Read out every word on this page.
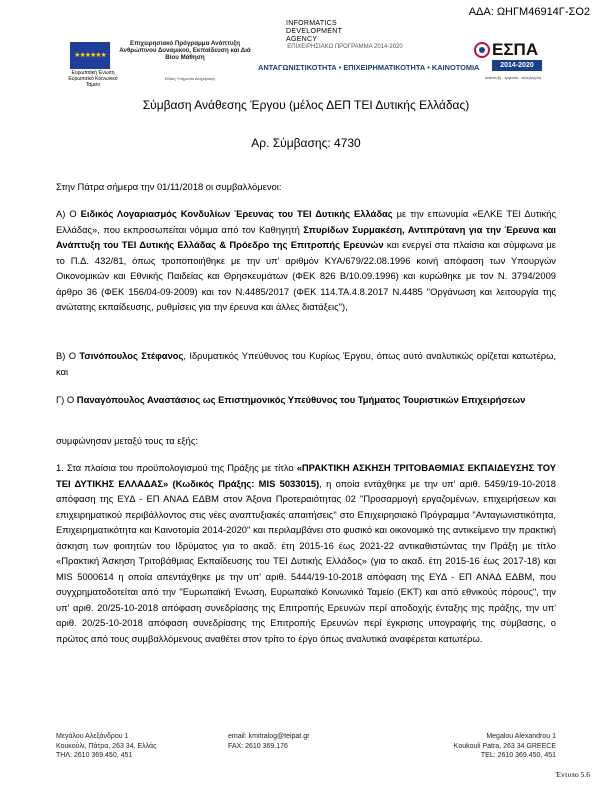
ΑΔΑ: ΩΗΓΜ46914Γ-ΣΟ2
★★★★★★
Ευρωπαϊκή Ένωση
Ευρωπαϊκό Κοινωνικό Ταμείο
Επιχειρησιακό Πρόγραμμα Ανάπτυξη Ανθρώπινου Δυναμικού, Εκπαίδευση και Διά Βίου Μάθηση
Ειδική Υπηρεσία Διαχείρισης
INFORMATICS DEVELOPMENT AGENCY
ΕΠΙΧΕΙΡΗΣΙΑΚΟ ΠΡΟΓΡΑΜΜΑ 2014-2020
ΑΝΤΑΓΩΝΙΣΤΙΚΟΤΗΤΑ • ΕΠΙΧΕΙΡΗΜΑΤΙΚΟΤΗΤΑ • ΚΑΙΝΟΤΟΜΙΑ
ΕΣΠΑ
2014-2020
ανάπτυξη - εργασία - αλληλεγγύη
Σύμβαση Ανάθεσης Έργου (μέλος ΔΕΠ ΤΕΙ Δυτικής Ελλάδας)
Αρ. Σύμβασης: 4730
Στην Πάτρα σήμερα την 01/11/2018 οι συμβαλλόμενοι:
Α) Ο Ειδικός Λογαριασμός Κονδυλίων Έρευνας του ΤΕΙ Δυτικής Ελλάδας με την επωνυμία «ΕΛΚΕ ΤΕΙ Δυτικής Ελλάδας», που εκπροσωπείται νόμιμα από τον Καθηγητή Σπυρίδων Συρμακέση, Αντιπρύτανη για την Έρευνα και Ανάπτυξη του ΤΕΙ Δυτικής Ελλάδας & Πρόεδρο της Επιτροπής Ερευνών και ενεργεί στα πλαίσια και σύμφωνα με το Π.Δ. 432/81, όπως τροποποιήθηκε με την υπ' αριθμόν ΚΥΑ/679/22.08.1996 κοινή απόφαση των Υπουργών Οικονομικών και Εθνικής Παιδείας και Θρησκευμάτων (ΦΕΚ 826 Β/10.09.1996) και κυρώθηκε με τον Ν. 3794/2009 άρθρο 36 (ΦΕΚ 156/04-09-2009) και τον Ν.4485/2017 (ΦΕΚ 114.ΤΑ.4.8.2017 Ν.4485 "Οργάνωση και λειτουργία της ανώτατης εκπαίδευσης, ρυθμίσεις για την έρευνα και άλλες διατάξεις"),
Β) Ο Τσινόπουλος Στέφανος, Ιδρυματικός Υπεύθυνος του Κυρίως Έργου, όπως αυτό αναλυτικώς ορίζεται κατωτέρω, και
Γ) Ο Παναγόπουλος Αναστάσιος ως Επιστημονικός Υπεύθυνος του Τμήματος Τουριστικών Επιχειρήσεων
συμφώνησαν μεταξύ τους τα εξής:
1. Στα πλαίσια του προϋπολογισμού της Πράξης με τίτλο «ΠΡΑΚΤΙΚΗ ΑΣΚΗΣΗ ΤΡΙΤΟΒΑΘΜΙΑΣ ΕΚΠΑΙΔΕΥΣΗΣ ΤΟΥ ΤΕΙ ΔΥΤΙΚΗΣ ΕΛΛΑΔΑΣ» (Κωδικός Πράξης: MIS 5033015), η οποία εντάχθηκε με την υπ' αριθ. 5459/19-10-2018 απόφαση της ΕΥΔ - ΕΠ ΑΝΑΔ ΕΔΒΜ στον Άξονα Προτεραιότητας 02 "Προσαρμογή εργαζομένων, επιχειρήσεων και επιχειρηματικού περιβάλλοντος στις νέες αναπτυξιακές απαιτήσεις" στο Επιχειρησιακό Πρόγραμμα "Ανταγωνιστικότητα, Επιχειρηματικότητα και Καινοτομία 2014-2020" και περιλαμβάνει στο φυσικό και οικονομικό της αντικείμενο την πρακτική άσκηση των φοιτητών του Ιδρύματος για το ακαδ. έτη 2015-16 έως 2021-22 αντικαθιστώντας την Πράξη με τίτλο «Πρακτική Άσκηση Τριτοβάθμιας Εκπαίδευσης του ΤΕΙ Δυτικής Ελλάδος» (για το ακαδ. έτη 2015-16 έως 2017-18) και MIS 5000614 η οποία απεντάχθηκε με την υπ' αριθ. 5444/19-10-2018 απόφαση της ΕΥΔ - ΕΠ ΑΝΑΔ ΕΔΒΜ, που συγχρηματοδοτείται από την "Ευρωπαϊκή Ένωση, Ευρωπαϊκό Κοινωνικό Ταμείο (ΕΚΤ) και από εθνικούς πόρους", την υπ' αριθ. 20/25-10-2018 απόφαση συνεδρίασης της Επιτροπής Ερευνών περί αποδοχής ένταξης της πράξης, την υπ' αριθ. 20/25-10-2018 απόφαση συνεδρίασης της Επιτροπής Ερευνών περί έγκρισης υπογραφής της σύμβασης, ο πρώτος από τους συμβαλλόμενους αναθέτει στον τρίτο το έργο όπως αναλυτικά αναφέρεται κατωτέρω.
Μεγάλου Αλεξάνδρου 1
Κουκούλι, Πάτρα, 263 34, Ελλάς
ΤΗΛ: 2610 369.450, 451
email: kmitralog@teipat.gr
FAX: 2610 369.176
Megalou Alexandrou 1
Koukouli Patra, 263 34 GREECE
TEL: 2610 369.450, 451
Έντυπο 5.6
